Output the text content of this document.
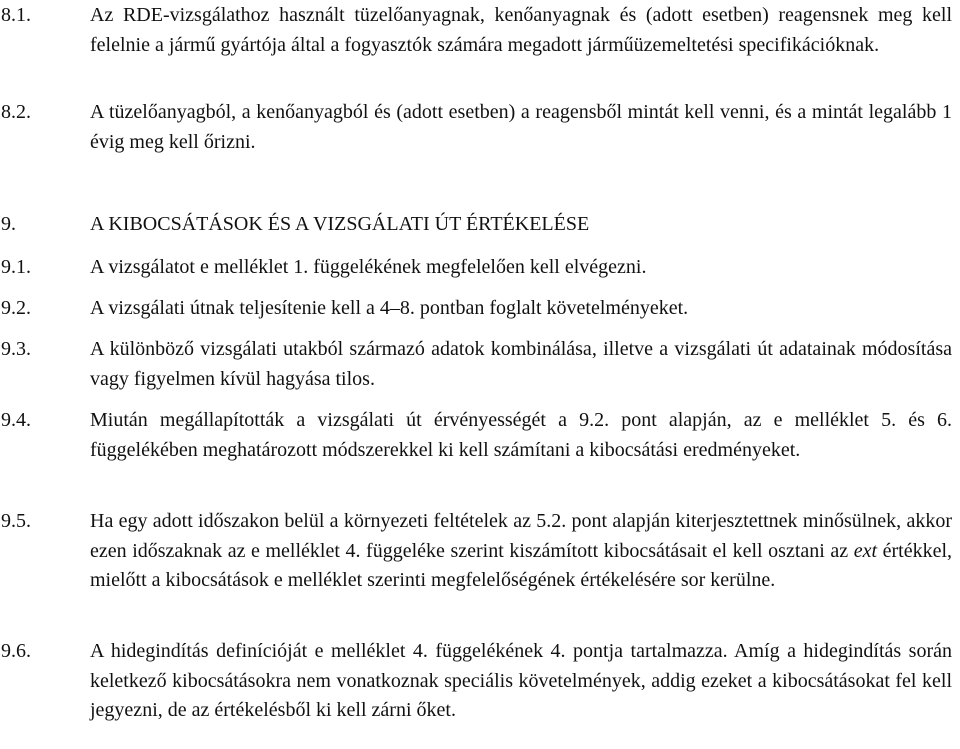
8.1.	Az RDE-vizsgálathoz használt tüzelőanyagnak, kenőanyagnak és (adott esetben) reagensnek meg kell felelnie a jármű gyártója által a fogyasztók számára megadott járműüzemeltetési specifikációknak.
8.2.	A tüzelőanyagból, a kenőanyagból és (adott esetben) a reagensből mintát kell venni, és a mintát legalább 1 évig meg kell őrizni.
9.	A KIBOCSÁTÁSOK ÉS A VIZSGÁLATI ÚT ÉRTÉKELÉSE
9.1.	A vizsgálatot e melléklet 1. függelékének megfelelően kell elvégezni.
9.2.	A vizsgálati útnak teljesítenie kell a 4–8. pontban foglalt követelményeket.
9.3.	A különböző vizsgálati utakból származó adatok kombinálása, illetve a vizsgálati út adatainak módosítása vagy figyelmen kívül hagyása tilos.
9.4.	Miután megállapították a vizsgálati út érvényességét a 9.2. pont alapján, az e melléklet 5. és 6. függelékében meghatározott módszerekkel ki kell számítani a kibocsátási eredményeket.
9.5.	Ha egy adott időszakon belül a környezeti feltételek az 5.2. pont alapján kiterjesztettnek minősülnek, akkor ezen időszaknak az e melléklet 4. függeléke szerint kiszámított kibocsátásait el kell osztani az ext értékkel, mielőtt a kibocsátások e melléklet szerinti megfelelőségének értékelésére sor kerülne.
9.6.	A hidegindítás definícióját e melléklet 4. függelékének 4. pontja tartalmazza. Amíg a hidegindítás során keletkező kibocsátásokra nem vonatkoznak speciális követelmények, addig ezeket a kibocsátásokat fel kell jegyezni, de az értékelésből ki kell zárni őket.
